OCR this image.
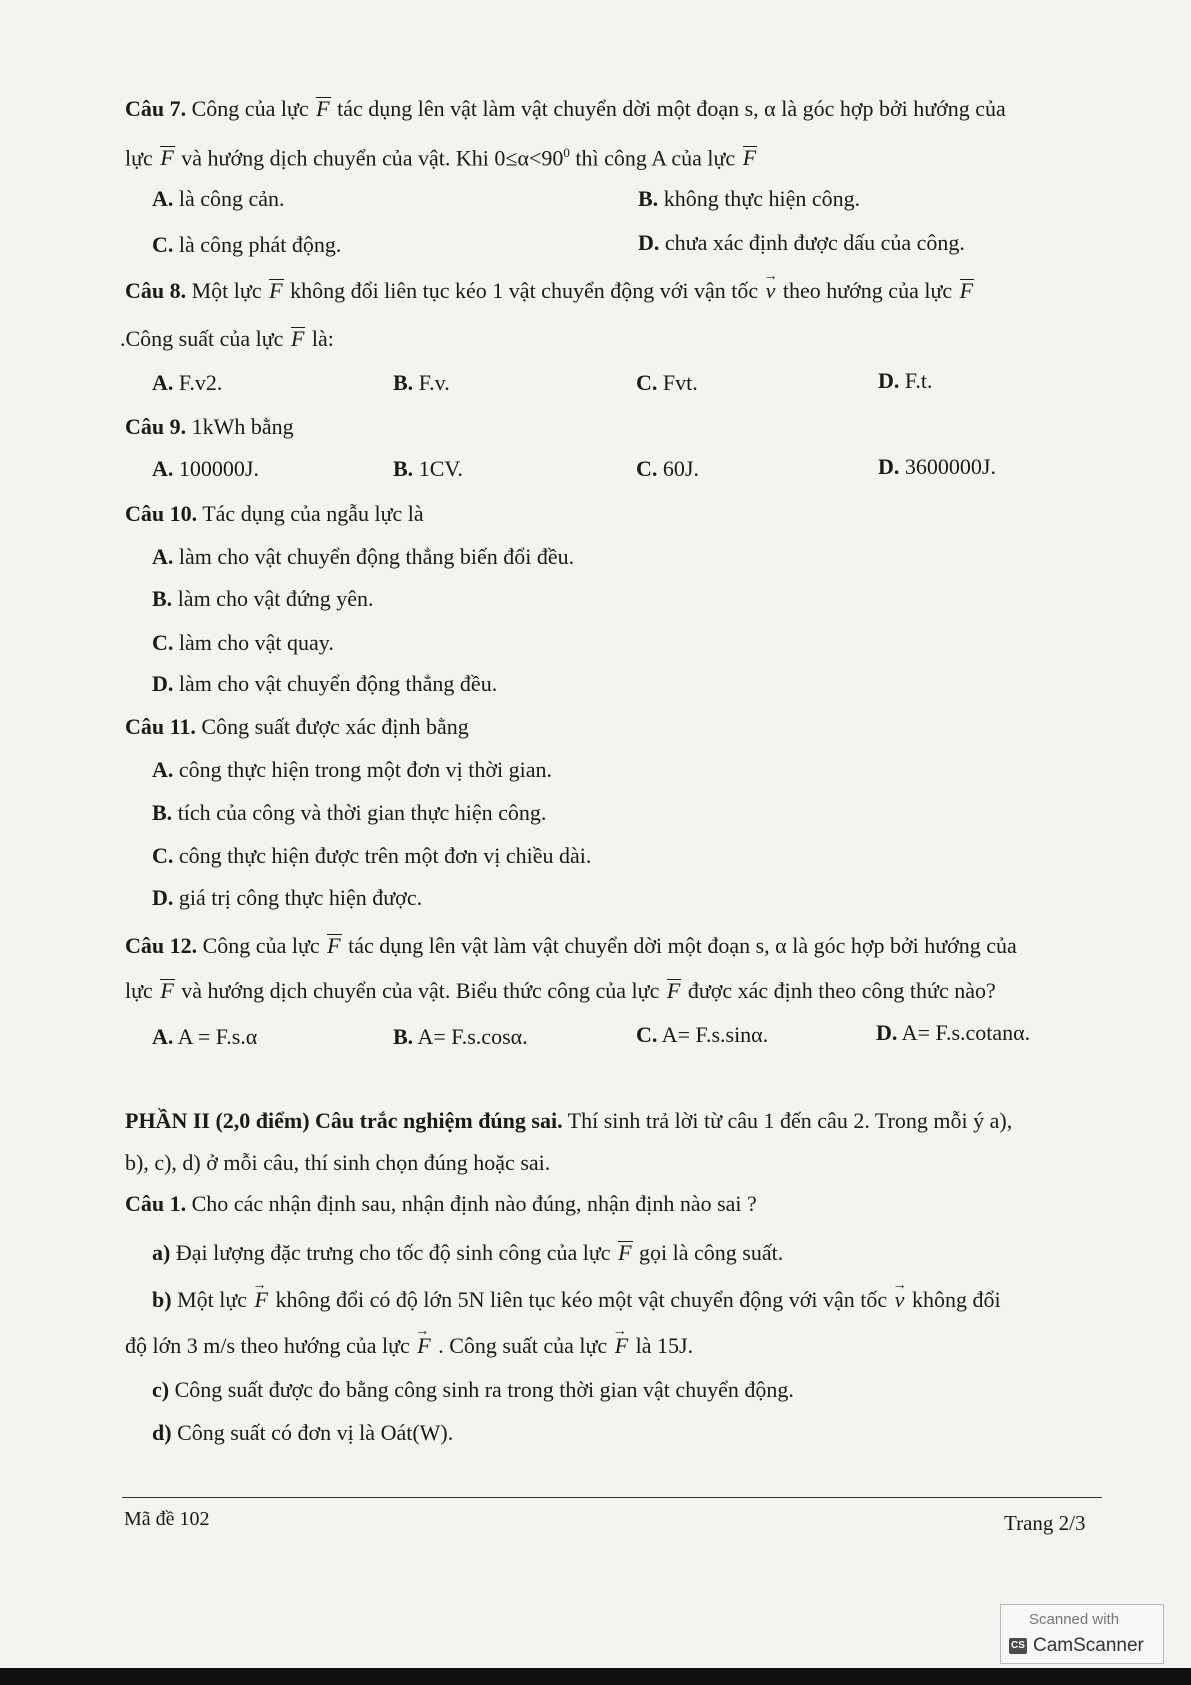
Câu 7. Công của lực F tác dụng lên vật làm vật chuyển dời một đoạn s, α là góc hợp bởi hướng của
lực F và hướng dịch chuyển của vật. Khi $0\le\alpha<90^0$ thì công A của lực F
A. là công cản.	B. không thực hiện công.
C. là công phát động.	D. chưa xác định được dấu của công.
Câu 8. Một lực F không đổi liên tục kéo 1 vật chuyển động với vận tốc → v theo hướng của lực F
.Công suất của lực F là:
A. F.v2.	B. F.v.	C. Fvt.	D. F.t.
Câu 9. 1kWh bằng
A. 100000J.	B. 1CV.	C. 60J.	D. 3600000J.
Câu 10. Tác dụng của ngẫu lực là
A. làm cho vật chuyển động thẳng biến đổi đều.
B. làm cho vật đứng yên.
C. làm cho vật quay.
D. làm cho vật chuyển động thẳng đều.
Câu 11. Công suất được xác định bằng
A. công thực hiện trong một đơn vị thời gian.
B. tích của công và thời gian thực hiện công.
C. công thực hiện được trên một đơn vị chiều dài.
D. giá trị công thực hiện được.
Câu 12. Công của lực F tác dụng lên vật làm vật chuyển dời một đoạn s, α là góc hợp bởi hướng của
lực F và hướng dịch chuyển của vật. Biểu thức công của lực F được xác định theo công thức nào?
A. A = F.s.α	B. A= F.s.cosα.	C. A= F.s.sinα.	D. A= F.s.cotanα.
PHẦN II (2,0 điểm) Câu trắc nghiệm đúng sai. Thí sinh trả lời từ câu 1 đến câu 2. Trong mỗi ý a),
b), c), d) ở mỗi câu, thí sinh chọn đúng hoặc sai.
Câu 1. Cho các nhận định sau, nhận định nào đúng, nhận định nào sai ?
a) Đại lượng đặc trưng cho tốc độ sinh công của lực F gọi là công suất.
b) Một lực → F không đổi có độ lớn 5N liên tục kéo một vật chuyển động với vận tốc → v không đổi
độ lớn 3 m/s theo hướng của lực → F . Công suất của lực → F là 15J.
c) Công suất được đo bằng công sinh ra trong thời gian vật chuyển động.
d) Công suất có đơn vị là Oát(W).
Mã đề 102	Trang 2/3
Scanned with
CS CamScanner
